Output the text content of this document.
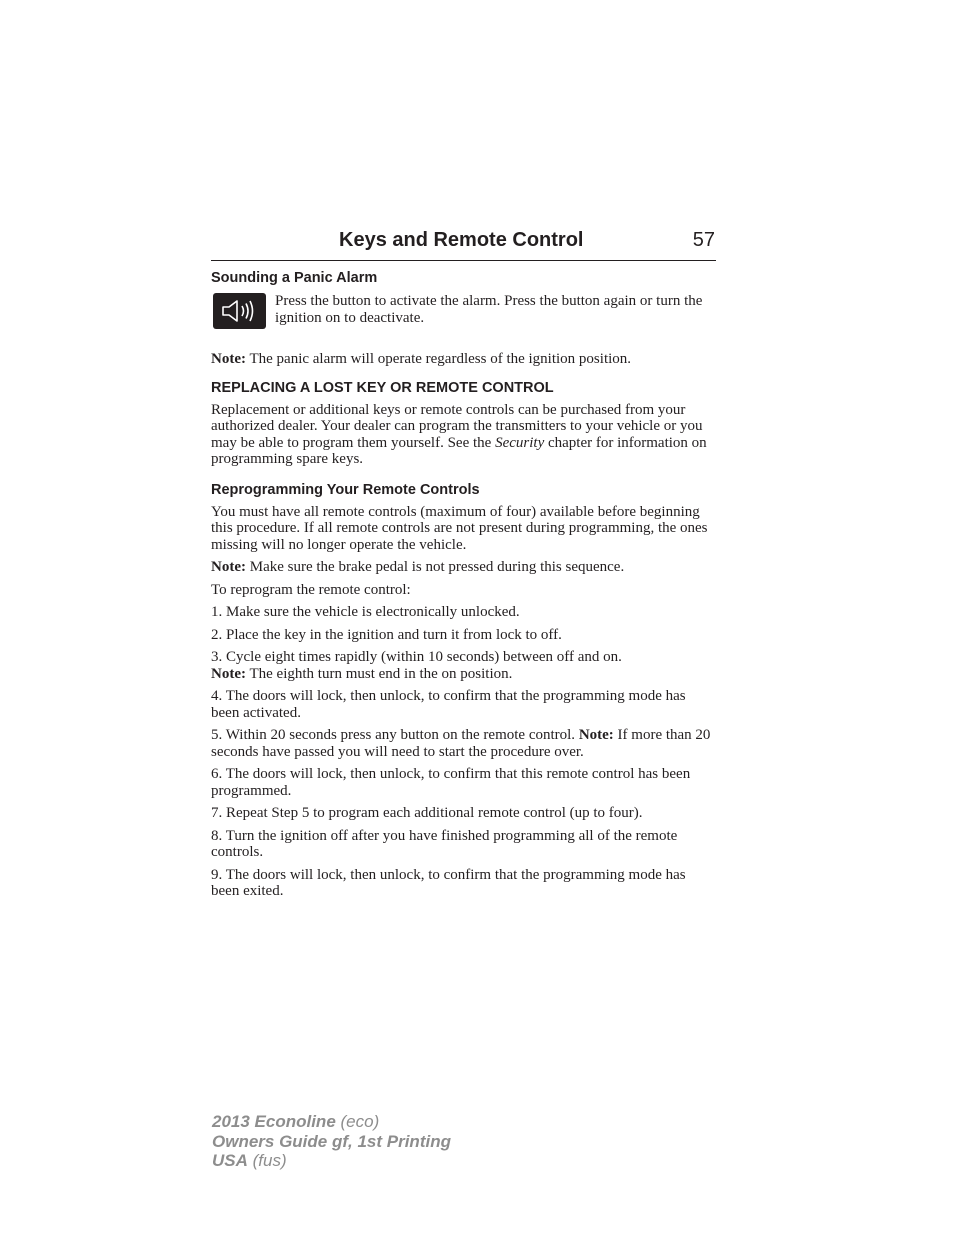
Keys and Remote Control	57
Sounding a Panic Alarm

Press the button to activate the alarm. Press the button again or turn the ignition on to deactivate.

Note: The panic alarm will operate regardless of the ignition position.

REPLACING A LOST KEY OR REMOTE CONTROL

Replacement or additional keys or remote controls can be purchased from your authorized dealer. Your dealer can program the transmitters to your vehicle or you may be able to program them yourself. See the Security chapter for information on programming spare keys.

Reprogramming Your Remote Controls

You must have all remote controls (maximum of four) available before beginning this procedure. If all remote controls are not present during programming, the ones missing will no longer operate the vehicle.

Note: Make sure the brake pedal is not pressed during this sequence.

To reprogram the remote control:

1. Make sure the vehicle is electronically unlocked.

2. Place the key in the ignition and turn it from lock to off.

3. Cycle eight times rapidly (within 10 seconds) between off and on.
Note: The eighth turn must end in the on position.

4. The doors will lock, then unlock, to confirm that the programming mode has been activated.

5. Within 20 seconds press any button on the remote control. Note: If more than 20 seconds have passed you will need to start the procedure over.

6. The doors will lock, then unlock, to confirm that this remote control has been programmed.

7. Repeat Step 5 to program each additional remote control (up to four).

8. Turn the ignition off after you have finished programming all of the remote controls.

9. The doors will lock, then unlock, to confirm that the programming mode has been exited.

2013 Econoline (eco)
Owners Guide gf, 1st Printing
USA (fus)
